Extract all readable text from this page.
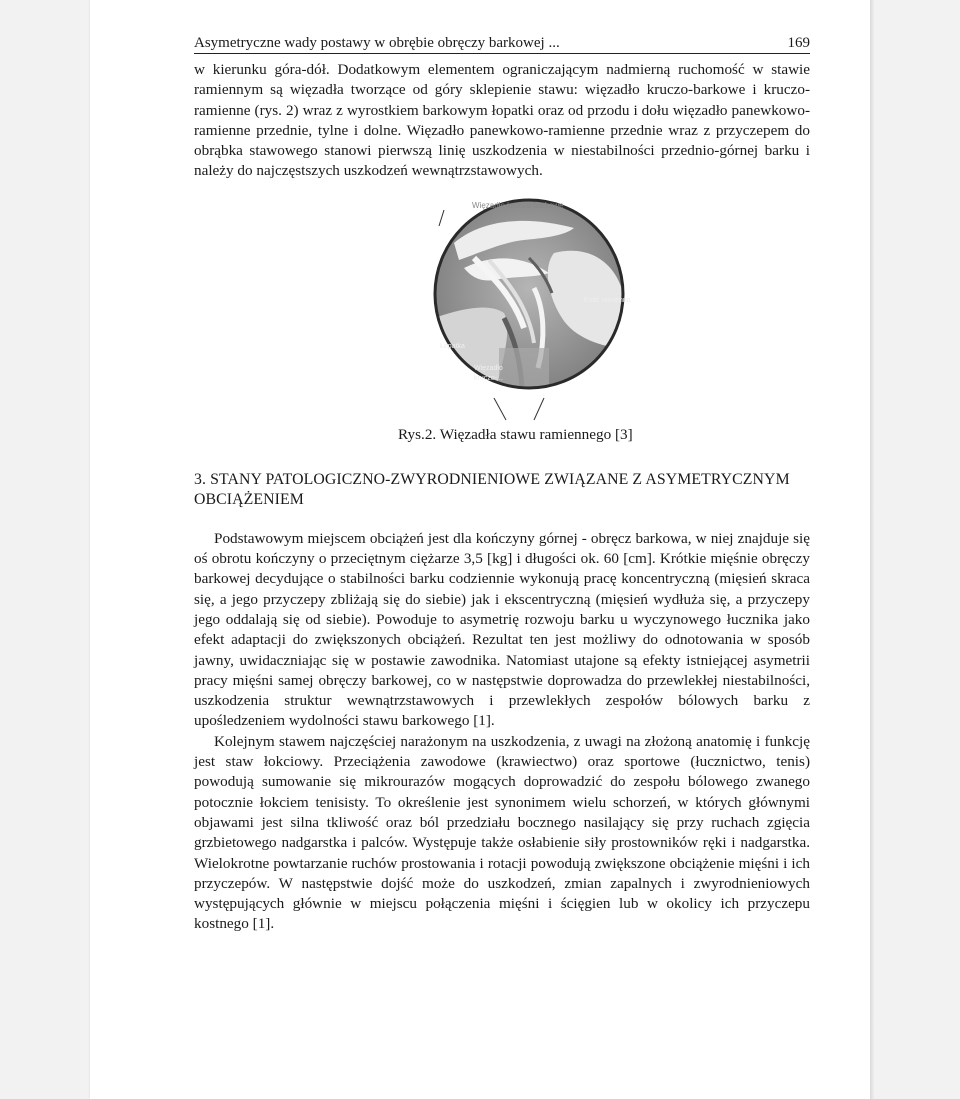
Asymetryczne wady postawy w obrębie obręczy barkowej ...	169

w kierunku góra-dół. Dodatkowym elementem ograniczającym nadmierną ruchomość w stawie ramiennym są więzadła tworzące od góry sklepienie stawu: więzadło kruczo-barkowe i kruczo-ramienne (rys. 2) wraz z wyrostkiem barkowym łopatki oraz od przodu i dołu więzadło panewkowo-ramienne przednie, tylne i dolne. Więzadło panewkowo-ramienne przednie wraz z przyczepem do obrąbka stawowego stanowi pierwszą linię uszkodzenia w niestabilności przednio-górnej barku i należy do najczęstszych uszkodzeń wewnątrzstawowych.

Więzadło kruczo-barkowe
Kość ramienna
Łopatka
Więzadło
kruczo-...
Rys.2. Więzadła stawu ramiennego [3]
3. STANY PATOLOGICZNO-ZWYRODNIENIOWE ZWIĄZANE Z ASYMETRYCZNYM OBCIĄŻENIEM

Podstawowym miejscem obciążeń jest dla kończyny górnej - obręcz barkowa, w niej znajduje się oś obrotu kończyny o przeciętnym ciężarze 3,5 [kg] i długości ok. 60 [cm]. Krótkie mięśnie obręczy barkowej decydujące o stabilności barku codziennie wykonują pracę koncentryczną (mięsień skraca się, a jego przyczepy zbliżają się do siebie) jak i ekscentryczną (mięsień wydłuża się, a przyczepy jego oddalają się od siebie). Powoduje to asymetrię rozwoju barku u wyczynowego łucznika jako efekt adaptacji do zwiększonych obciążeń. Rezultat ten jest możliwy do odnotowania w sposób jawny, uwidaczniając się w postawie zawodnika. Natomiast utajone są efekty istniejącej asymetrii pracy mięśni samej obręczy barkowej, co w następstwie doprowadza do przewlekłej niestabilności, uszkodzenia struktur wewnątrzstawowych i przewlekłych zespołów bólowych barku z upośledzeniem wydolności stawu barkowego [1].

Kolejnym stawem najczęściej narażonym na uszkodzenia, z uwagi na złożoną anatomię i funkcję jest staw łokciowy. Przeciążenia zawodowe (krawiectwo) oraz sportowe (łucznictwo, tenis) powodują sumowanie się mikrourazów mogących doprowadzić do zespołu bólowego zwanego potocznie łokciem tenisisty. To określenie jest synonimem wielu schorzeń, w których głównymi objawami jest silna tkliwość oraz ból przedziału bocznego nasilający się przy ruchach zgięcia grzbietowego nadgarstka i palców. Występuje także osłabienie siły prostowników ręki i nadgarstka. Wielokrotne powtarzanie ruchów prostowania i rotacji powodują zwiększone obciążenie mięśni i ich przyczepów. W następstwie dojść może do uszkodzeń, zmian zapalnych i zwyrodnieniowych występujących głównie w miejscu połączenia mięśni i ścięgien lub w okolicy ich przyczepu kostnego [1].
